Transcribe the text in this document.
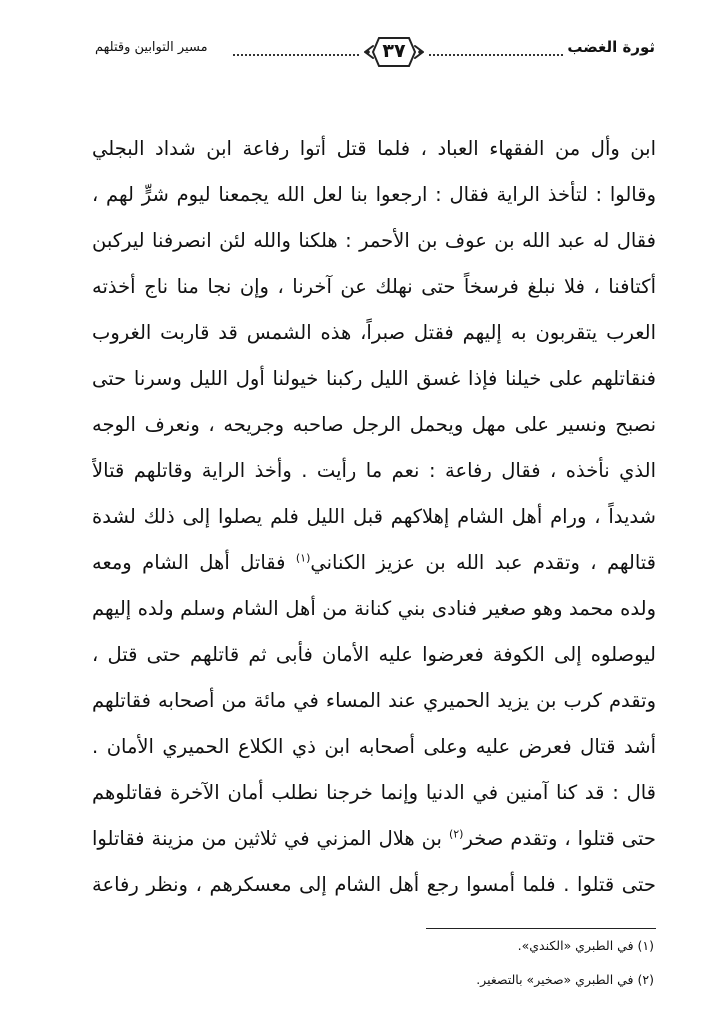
ثورة الغضب
٣٧
مسير التوابين وقتلهم
ابن وأل من الفقهاء العباد ، فلما قتل أتوا رفاعة ابن شداد البجلي
وقالوا : لتأخذ الراية فقال : ارجعوا بنا لعل الله يجمعنا ليوم شرٍّ لهم ،
فقال له عبد الله بن عوف بن الأحمر : هلكنا والله لئن انصرفنا ليركبن
أكتافنا ، فلا نبلغ فرسخاً حتى نهلك عن آخرنا ، وإن نجا منا ناج أخذته
العرب يتقربون به إليهم فقتل صبراً، هذه الشمس قد قاربت الغروب
فنقاتلهم على خيلنا فإذا غسق الليل ركبنا خيولنا أول الليل وسرنا حتى
نصبح ونسير على مهل ويحمل الرجل صاحبه وجريحه ، ونعرف الوجه
الذي نأخذه ، فقال رفاعة : نعم ما رأيت . وأخذ الراية وقاتلهم قتالاً
شديداً ، ورام أهل الشام إهلاكهم قبل الليل فلم يصلوا إلى ذلك لشدة
قتالهم ، وتقدم عبد الله بن عزيز الكناني$^{(١)}$ فقاتل أهل الشام ومعه
ولده محمد وهو صغير فنادى بني كنانة من أهل الشام وسلم ولده إليهم
ليوصلوه إلى الكوفة فعرضوا عليه الأمان فأبى ثم قاتلهم حتى قتل ،
وتقدم كرب بن يزيد الحميري عند المساء في مائة من أصحابه فقاتلهم
أشد قتال فعرض عليه وعلى أصحابه ابن ذي الكلاع الحميري الأمان .
قال : قد كنا آمنين في الدنيا وإنما خرجنا نطلب أمان الآخرة فقاتلوهم
حتى قتلوا ، وتقدم صخر$^{(٢)}$ بن هلال المزني في ثلاثين من مزينة فقاتلوا
حتى قتلوا . فلما أمسوا رجع أهل الشام إلى معسكرهم ، ونظر رفاعة
(١) في الطبري «الكندي».
(٢) في الطبري «صخير» بالتصغير.
